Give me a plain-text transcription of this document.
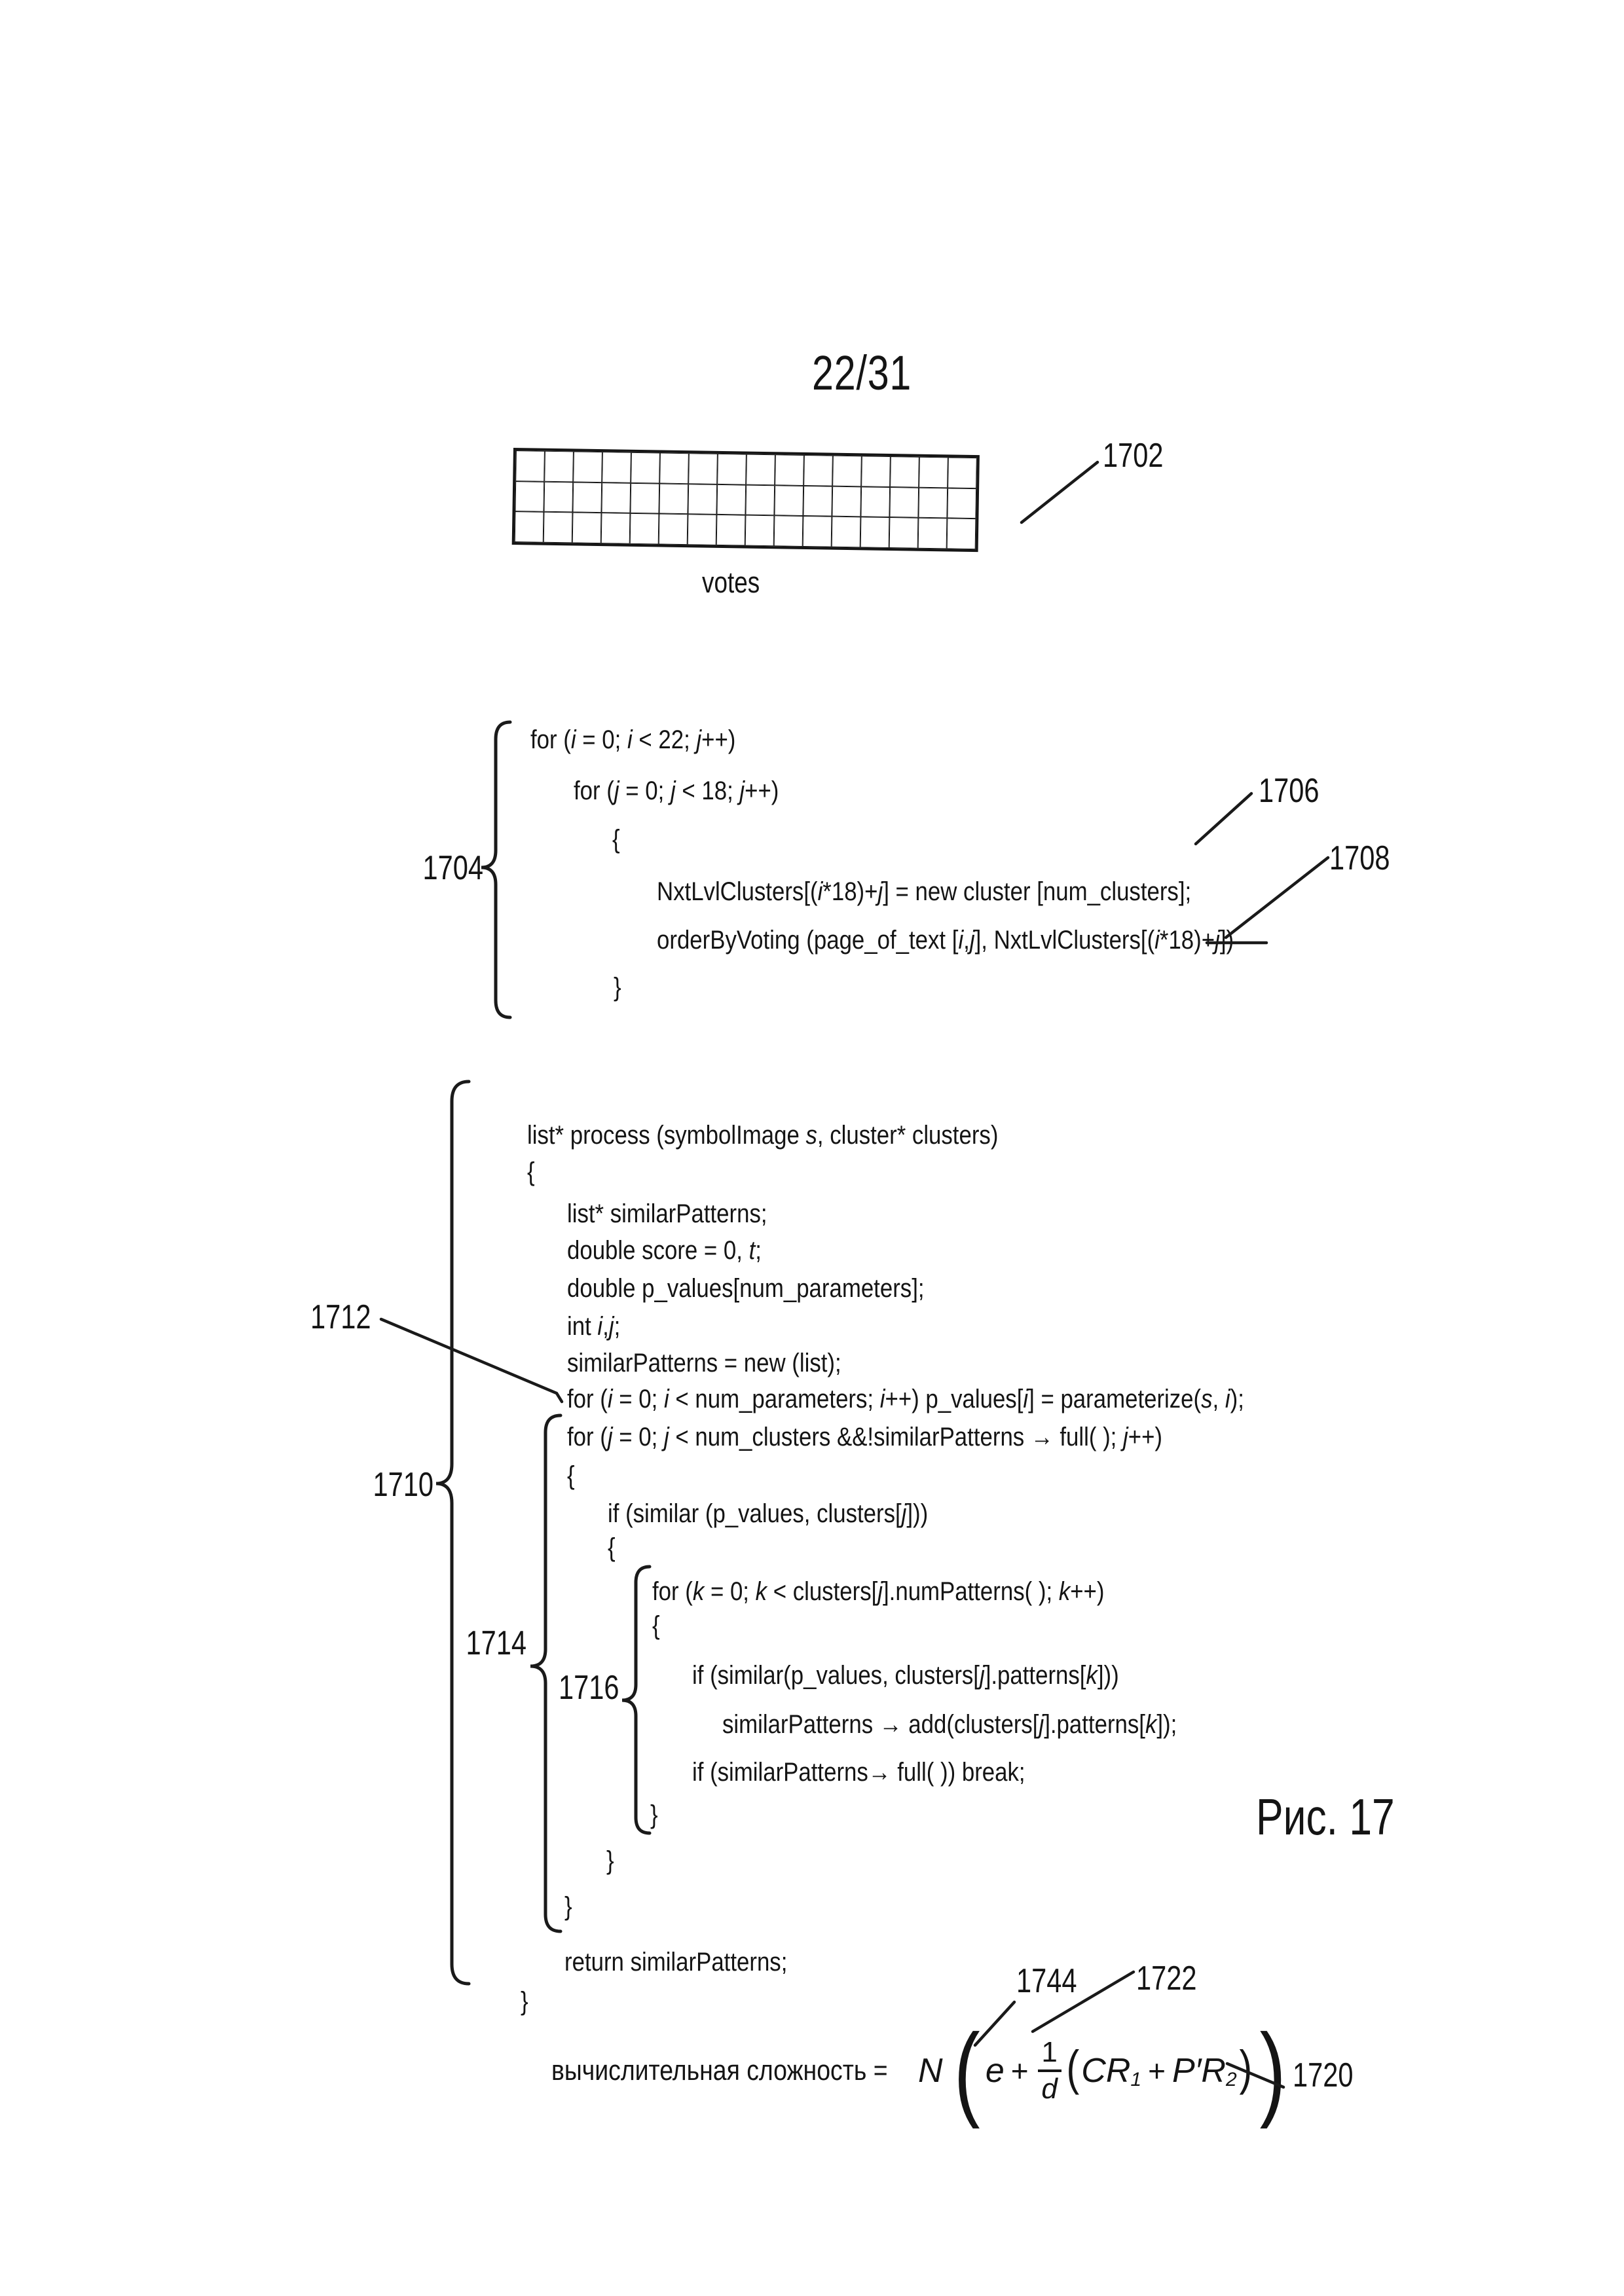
22/31
votes
1702
1704
1706
1708
1710
1712
1714
1716
1720
1722
1744
for (i = 0; i < 22; j++)
for (j = 0; j < 18; j++)
{
NxtLvlClusters[(i*18)+j] = new cluster [num_clusters];
orderByVoting (page_of_text [i,j], NxtLvlClusters[(i*18)+j])
}
list* process (symbolImage s, cluster* clusters)
{
list* similarPatterns;
double score = 0, t;
double p_values[num_parameters];
int i,j;
similarPatterns = new (list);
for (i = 0; i < num_parameters; i++) p_values[i] = parameterize(s, i);
for (j = 0; j < num_clusters &&!similarPatterns → full( ); j++)
{
if (similar (p_values, clusters[j]))
{
for (k = 0; k < clusters[j].numPatterns( ); k++)
{
if (similar(p_values, clusters[j].patterns[k]))
similarPatterns → add(clusters[j].patterns[k]);
if (similarPatterns→ full( )) break;
}
}
}
return similarPatterns;
}
Рис. 17
вычислительная сложность = N ( $e + \frac{1}{d}$ ( CR 1 + P′R 2 ) )
